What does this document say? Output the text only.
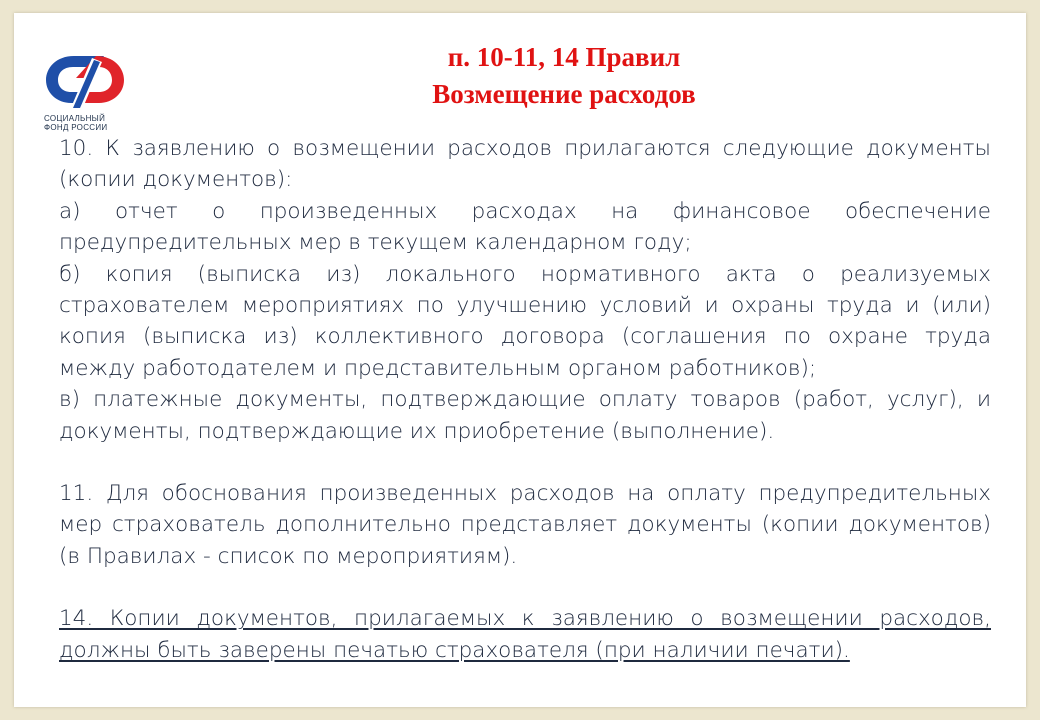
СОЦИАЛЬНЫЙ
ФОНД РОССИИ
п. 10-11, 14 Правил
Возмещение расходов

10. К заявлению о возмещении расходов прилагаются следующие документы (копии документов):

а) отчет о произведенных расходах на финансовое обеспечение предупредительных мер в текущем календарном году;

б) копия (выписка из) локального нормативного акта о реализуемых страхователем мероприятиях по улучшению условий и охраны труда и (или) копия (выписка из) коллективного договора (соглашения по охране труда между работодателем и представительным органом работников);

в) платежные документы, подтверждающие оплату товаров (работ, услуг), и документы, подтверждающие их приобретение (выполнение).

11. Для обоснования произведенных расходов на оплату предупредительных мер страхователь дополнительно представляет документы (копии документов) (в Правилах - список по мероприятиям).

14. Копии документов, прилагаемых к заявлению о возмещении расходов, должны быть заверены печатью страхователя (при наличии печати).
